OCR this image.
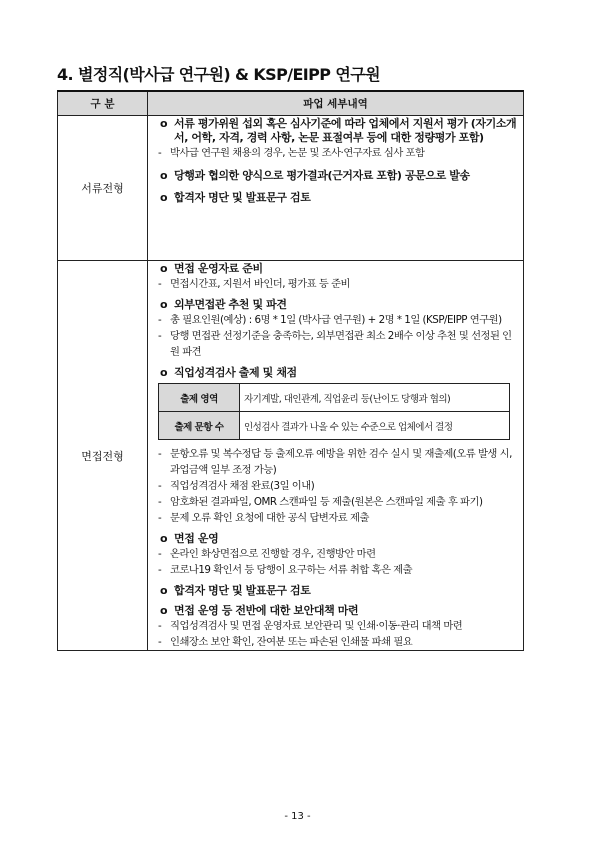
4. 별정직(박사급 연구원) & KSP/EIPP 연구원
구 분	파업 세부내역
서류전형	
o 서류 평가위원 섭외 혹은 심사기준에 따라 업체에서 지원서 평가 (자기소개서, 어학, 자격, 경력 사항, 논문 표절여부 등에 대한 정량평가 포함)
- 박사급 연구원 채용의 경우, 논문 및 조사·연구자료 심사 포함
o 당행과 협의한 양식으로 평가결과(근거자료 포함) 공문으로 발송
o 합격자 명단 및 발표문구 검토

면접전형	
o 면접 운영자료 준비
- 면접시간표, 지원서 바인더, 평가표 등 준비
o 외부면접관 추천 및 파견
- 총 필요인원(예상) : 6명 * 1일 (박사급 연구원) + 2명 * 1일 (KSP/EIPP 연구원)
- 당행 면접관 선정기준을 충족하는, 외부면접관 최소 2배수 이상 추천 및 선정된 인원 파견
o 직업성격검사 출제 및 채점
출제 영역	자기계발, 대인관계, 직업윤리 등(난이도 당행과 협의)
출제 문항 수	인성검사 결과가 나올 수 있는 수준으로 업체에서 결정
- 문항오류 및 복수정답 등 출제오류 예방을 위한 검수 실시 및 재출제(오류 발생 시, 과업금액 일부 조정 가능)
- 직업성격검사 채점 완료(3일 이내)
- 암호화된 결과파일, OMR 스캔파일 등 제출(원본은 스캔파일 제출 후 파기)
- 문제 오류 확인 요청에 대한 공식 답변자료 제출
o 면접 운영
- 온라인 화상면접으로 진행할 경우, 진행방안 마련
- 코로나19 확인서 등 당행이 요구하는 서류 취합 혹은 제출
o 합격자 명단 및 발표문구 검토
o 면접 운영 등 전반에 대한 보안대책 마련
- 직업성격검사 및 면접 운영자료 보안관리 및 인쇄·이동·관리 대책 마련
- 인쇄장소 보안 확인, 잔여분 또는 파손된 인쇄물 파쇄 필요
- 13 -
